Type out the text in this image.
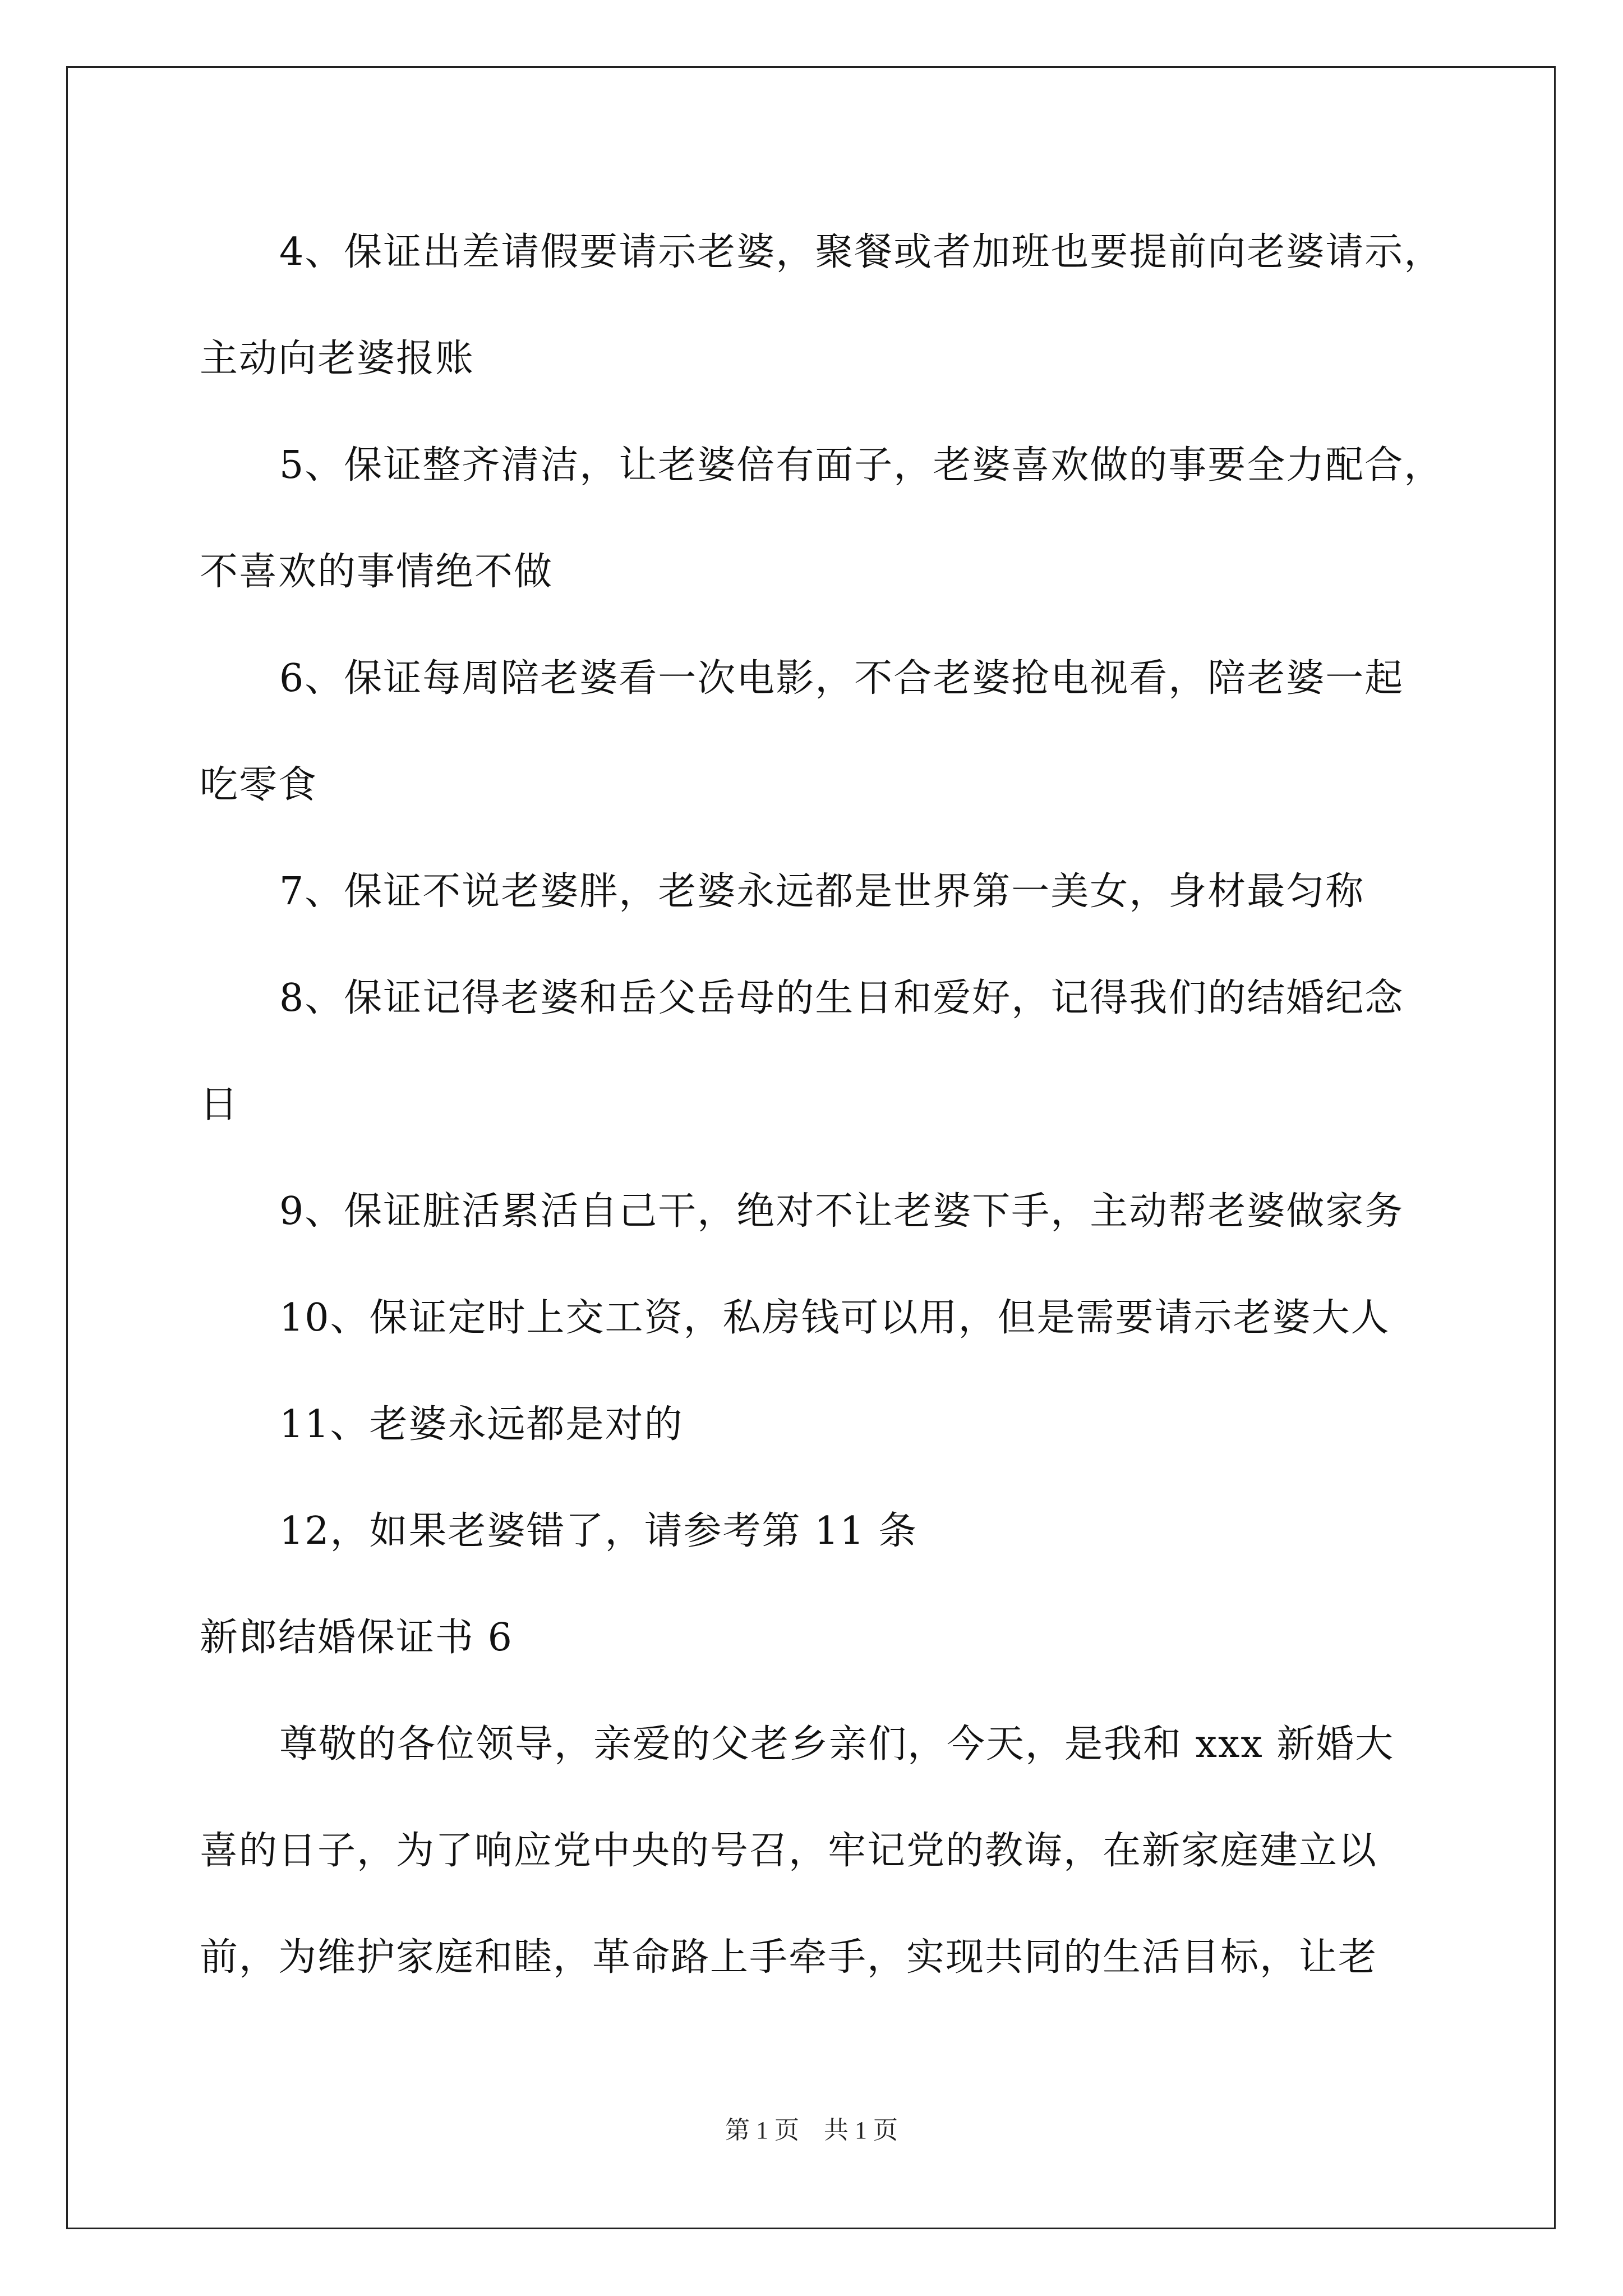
4、保证出差请假要请示老婆，聚餐或者加班也要提前向老婆请示，
主动向老婆报账
5、保证整齐清洁，让老婆倍有面子，老婆喜欢做的事要全力配合，
不喜欢的事情绝不做
6、保证每周陪老婆看一次电影，不合老婆抢电视看，陪老婆一起
吃零食
7、保证不说老婆胖，老婆永远都是世界第一美女，身材最匀称
8、保证记得老婆和岳父岳母的生日和爱好，记得我们的结婚纪念
日
9、保证脏活累活自己干，绝对不让老婆下手，主动帮老婆做家务
10、保证定时上交工资，私房钱可以用，但是需要请示老婆大人
11、老婆永远都是对的
12，如果老婆错了，请参考第 11 条
新郎结婚保证书 6
尊敬的各位领导，亲爱的父老乡亲们，今天，是我和 xxx 新婚大
喜的日子，为了响应党中央的号召，牢记党的教诲，在新家庭建立以
前，为维护家庭和睦，革命路上手牵手，实现共同的生活目标，让老
第 1 页　共 1 页
